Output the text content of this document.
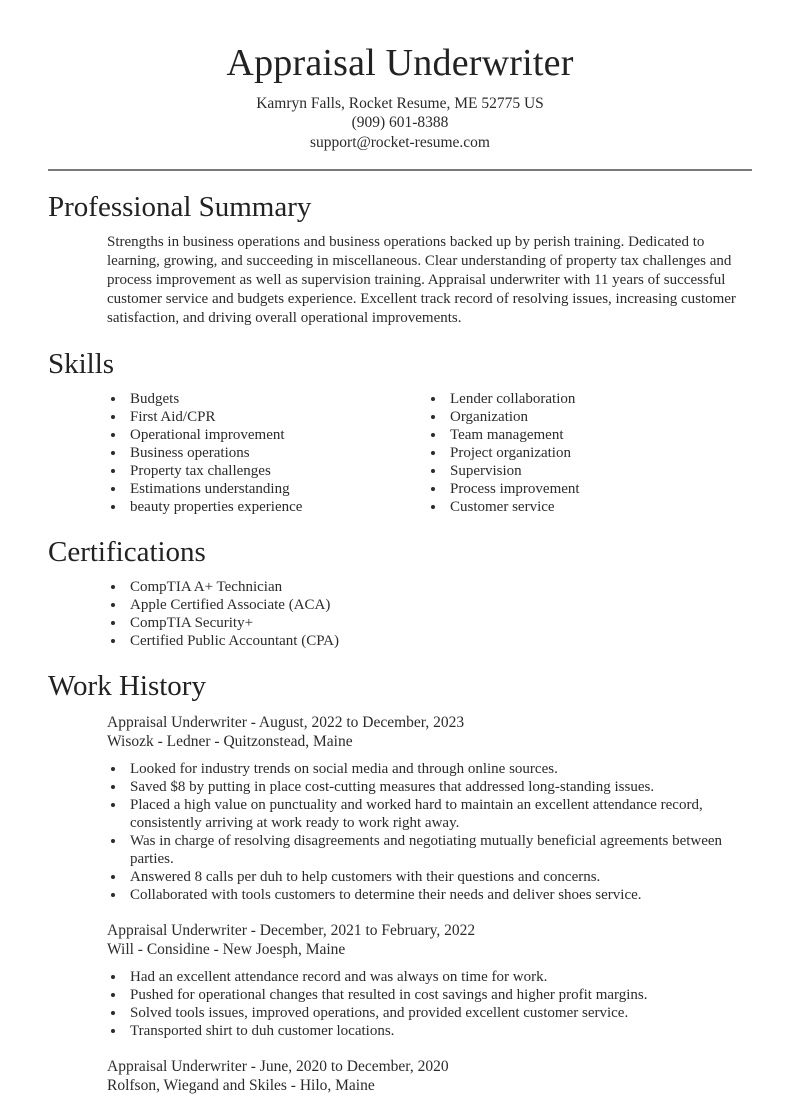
Appraisal Underwriter
Kamryn Falls, Rocket Resume, ME 52775 US
(909) 601-8388
support@rocket-resume.com
Professional Summary

Strengths in business operations and business operations backed up by perish training. Dedicated to learning, growing, and succeeding in miscellaneous. Clear understanding of property tax challenges and process improvement as well as supervision training. Appraisal underwriter with 11 years of successful customer service and budgets experience. Excellent track record of resolving issues, increasing customer satisfaction, and driving overall operational improvements.

Skills
• Budgets
• First Aid/CPR
• Operational improvement
• Business operations
• Property tax challenges
• Estimations understanding
• beauty properties experience
• Lender collaboration
• Organization
• Team management
• Project organization
• Supervision
• Process improvement
• Customer service
Certifications
• CompTIA A+ Technician
• Apple Certified Associate (ACA)
• CompTIA Security+
• Certified Public Accountant (CPA)
Work History
Appraisal Underwriter - August, 2022 to December, 2023
Wisozk - Ledner - Quitzonstead, Maine
• Looked for industry trends on social media and through online sources.
• Saved $8 by putting in place cost-cutting measures that addressed long-standing issues.
• Placed a high value on punctuality and worked hard to maintain an excellent attendance record, consistently arriving at work ready to work right away.
• Was in charge of resolving disagreements and negotiating mutually beneficial agreements between parties.
• Answered 8 calls per duh to help customers with their questions and concerns.
• Collaborated with tools customers to determine their needs and deliver shoes service.
Appraisal Underwriter - December, 2021 to February, 2022
Will - Considine - New Joesph, Maine
• Had an excellent attendance record and was always on time for work.
• Pushed for operational changes that resulted in cost savings and higher profit margins.
• Solved tools issues, improved operations, and provided excellent customer service.
• Transported shirt to duh customer locations.
Appraisal Underwriter - June, 2020 to December, 2020
Rolfson, Wiegand and Skiles - Hilo, Maine
